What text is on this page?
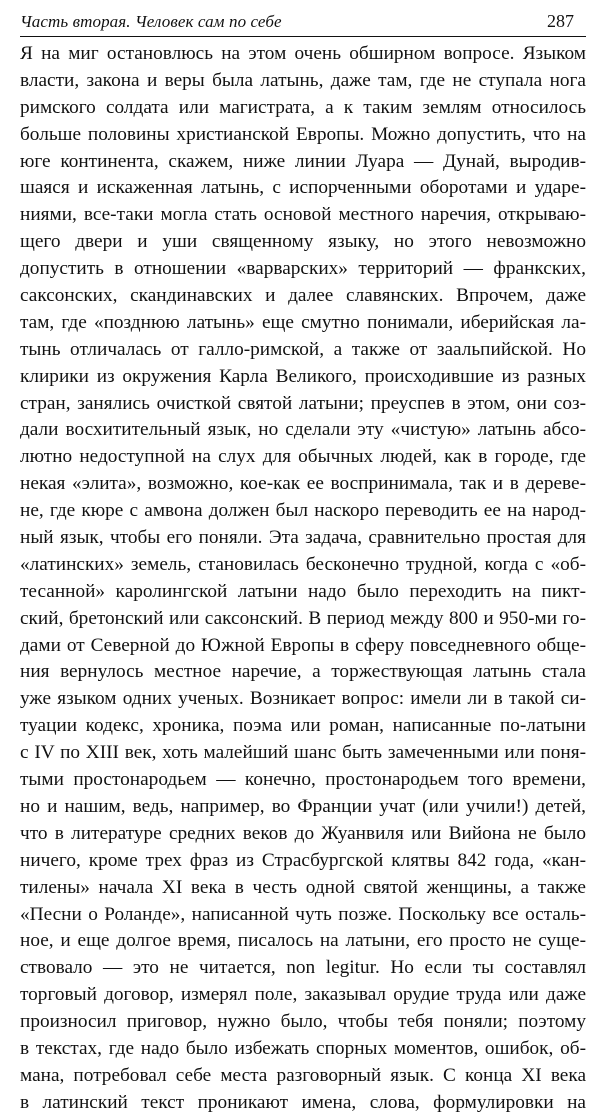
Часть вторая. Человек сам по себе	287
Я на миг остановлюсь на этом очень обширном вопросе. Языком
власти, закона и веры была латынь, даже там, где не ступала нога
римского солдата или магистрата, а к таким землям относилось
больше половины христианской Европы. Можно допустить, что на
юге континента, скажем, ниже линии Луара — Дунай, выродив-
шаяся и искаженная латынь, с испорченными оборотами и ударе-
ниями, все-таки могла стать основой местного наречия, открываю-
щего двери и уши священному языку, но этого невозможно
допустить в отношении «варварских» территорий — франкских,
саксонских, скандинавских и далее славянских. Впрочем, даже
там, где «позднюю латынь» еще смутно понимали, иберийская ла-
тынь отличалась от галло-римской, а также от заальпийской. Но
клирики из окружения Карла Великого, происходившие из разных
стран, занялись очисткой святой латыни; преуспев в этом, они соз-
дали восхитительный язык, но сделали эту «чистую» латынь абсо-
лютно недоступной на слух для обычных людей, как в городе, где
некая «элита», возможно, кое-как ее воспринимала, так и в дереве-
не, где кюре с амвона должен был наскоро переводить ее на народ-
ный язык, чтобы его поняли. Эта задача, сравнительно простая для
«латинских» земель, становилась бесконечно трудной, когда с «об-
тесанной» каролингской латыни надо было переходить на пикт-
ский, бретонский или саксонский. В период между 800 и 950-ми го-
дами от Северной до Южной Европы в сферу повседневного обще-
ния вернулось местное наречие, а торжествующая латынь стала
уже языком одних ученых. Возникает вопрос: имели ли в такой си-
туации кодекс, хроника, поэма или роман, написанные по-латыни
с IV по XIII век, хоть малейший шанс быть замеченными или поня-
тыми простонародьем — конечно, простонародьем того времени,
но и нашим, ведь, например, во Франции учат (или учили!) детей,
что в литературе средних веков до Жуанвиля или Вийона не было
ничего, кроме трех фраз из Страсбургской клятвы 842 года, «кан-
тилены» начала XI века в честь одной святой женщины, а также
«Песни о Роланде», написанной чуть позже. Поскольку все осталь-
ное, и еще долгое время, писалось на латыни, его просто не суще-
ствовало — это не читается, non legitur. Но если ты составлял
торговый договор, измерял поле, заказывал орудие труда или даже
произносил приговор, нужно было, чтобы тебя поняли; поэтому
в текстах, где надо было избежать спорных моментов, ошибок, об-
мана, потребовал себе места разговорный язык. С конца XI века
в латинский текст проникают имена, слова, формулировки на
